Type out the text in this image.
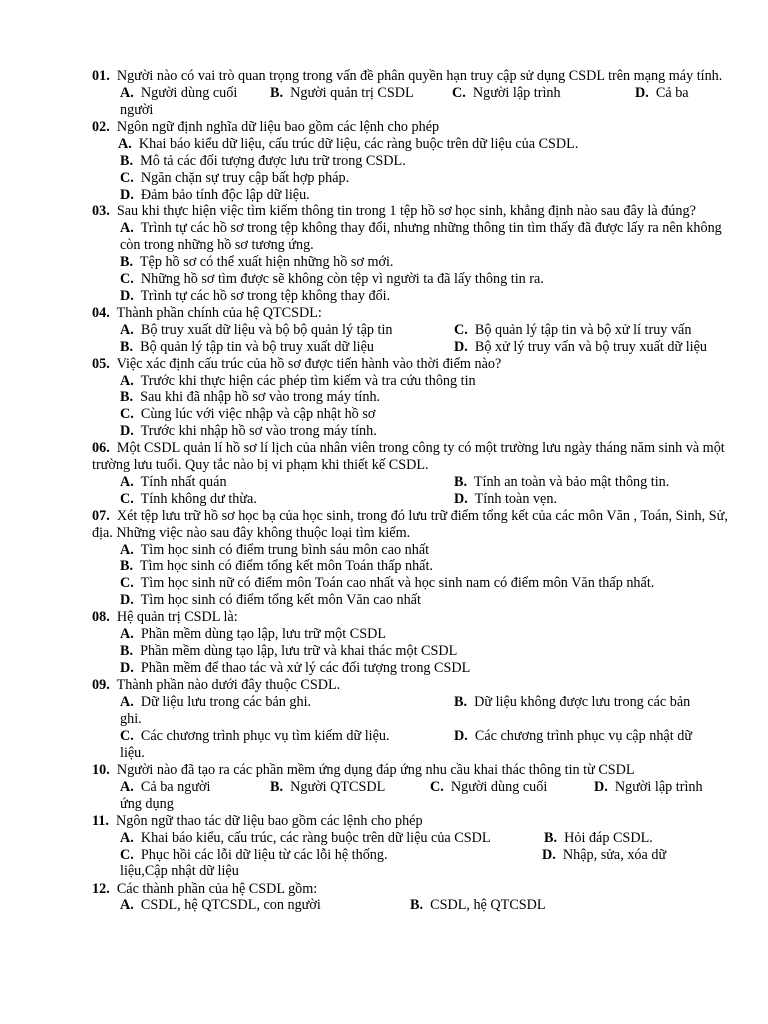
01. Người nào có vai trò quan trọng trong vấn đề phân quyền hạn truy cập sử dụng CSDL trên mạng máy tính.
A. Người dùng cuối B. Người quản trị CSDL	C. Người lập trình	D. Cả ba người
02. Ngôn ngữ định nghĩa dữ liệu bao gồm các lệnh cho phép
A. Khai báo kiểu dữ liệu, cấu trúc dữ liệu, các ràng buộc trên dữ liệu của CSDL.
B. Mô tả các đối tượng được lưu trữ trong CSDL.
C. Ngăn chặn sự truy cập bất hợp pháp.
D. Đảm bảo tính độc lập dữ liệu.
03. Sau khi thực hiện việc tìm kiếm thông tin trong 1 tệp hồ sơ học sinh, khẳng định nào sau đây là đúng?
A. Trình tự các hồ sơ trong tệp không thay đổi, nhưng những thông tin tìm thấy đã được lấy ra nên không còn trong những hồ sơ tương ứng.
B. Tệp hồ sơ có thể xuất hiện những hồ sơ mới.
C. Những hồ sơ tìm được sẽ không còn tệp vì người ta đã lấy thông tin ra.
D. Trình tự các hồ sơ trong tệp không thay đổi.
04. Thành phần chính của hệ QTCSDL:
A. Bộ truy xuất dữ liệu và bộ bộ quản lý tập tin	C. Bộ quản lý tập tin và bộ xử lí truy vấn
B. Bộ quản lý tập tin và bộ truy xuất dữ liệu	D. Bộ xử lý truy vấn và bộ truy xuất dữ liệu
05. Việc xác định cấu trúc của hồ sơ được tiến hành vào thời điểm nào?
A. Trước khi thực hiện các phép tìm kiếm và tra cứu thông tin
B. Sau khi đã nhập hồ sơ vào trong máy tính.
C. Cùng lúc với việc nhập và cập nhật hồ sơ
D. Trước khi nhập hồ sơ vào trong máy tính.
06. Một CSDL quản lí hồ sơ lí lịch của nhân viên trong công ty có một trường lưu ngày tháng năm sinh và một trường lưu tuổi. Quy tắc nào bị vi phạm khi thiết kế CSDL.
A. Tính nhất quán	B. Tính an toàn và bảo mật thông tin.
C. Tính không dư thừa.	D. Tính toàn vẹn.
07. Xét tệp lưu trữ hồ sơ học bạ của học sinh, trong đó lưu trữ điểm tổng kết của các môn Văn , Toán, Sinh, Sử, địa. Những việc nào sau đây không thuộc loại tìm kiếm.
A. Tìm học sinh có điểm trung bình sáu môn cao nhất
B. Tìm học sinh có điểm tổng kết môn Toán thấp nhất.
C. Tìm học sinh nữ có điểm môn Toán cao nhất và học sinh nam có điểm môn Văn thấp nhất.
D. Tìm học sinh có điểm tổng kết môn Văn cao nhất
08. Hệ quản trị CSDL là:
A. Phần mềm dùng tạo lập, lưu trữ một CSDL
B. Phần mềm dùng tạo lập, lưu trữ và khai thác một CSDL
D. Phần mềm để thao tác và xử lý các đối tượng trong CSDL
09. Thành phần nào dưới đây thuộc CSDL.
A. Dữ liệu lưu trong các bản ghi.	B. Dữ liệu không được lưu trong các bản ghi.
C. Các chương trình phục vụ tìm kiếm dữ liệu.	D. Các chương trình phục vụ cập nhật dữ liệu.
10. Người nào đã tạo ra các phần mềm ứng dụng đáp ứng nhu cầu khai thác thông tin từ CSDL
A. Cả ba người	B. Người QTCSDL	C. Người dùng cuối	D. Người lập trình ứng dụng
11. Ngôn ngữ thao tác dữ liệu bao gồm các lệnh cho phép
A. Khai báo kiểu, cấu trúc, các ràng buộc trên dữ liệu của CSDL	B. Hỏi đáp CSDL.
C. Phục hồi các lỗi dữ liệu từ các lỗi hệ thống.	D. Nhập, sửa, xóa dữ liệu,Cập nhật dữ liệu
12. Các thành phần của hệ CSDL gồm:
A. CSDL, hệ QTCSDL, con người	B. CSDL, hệ QTCSDL
